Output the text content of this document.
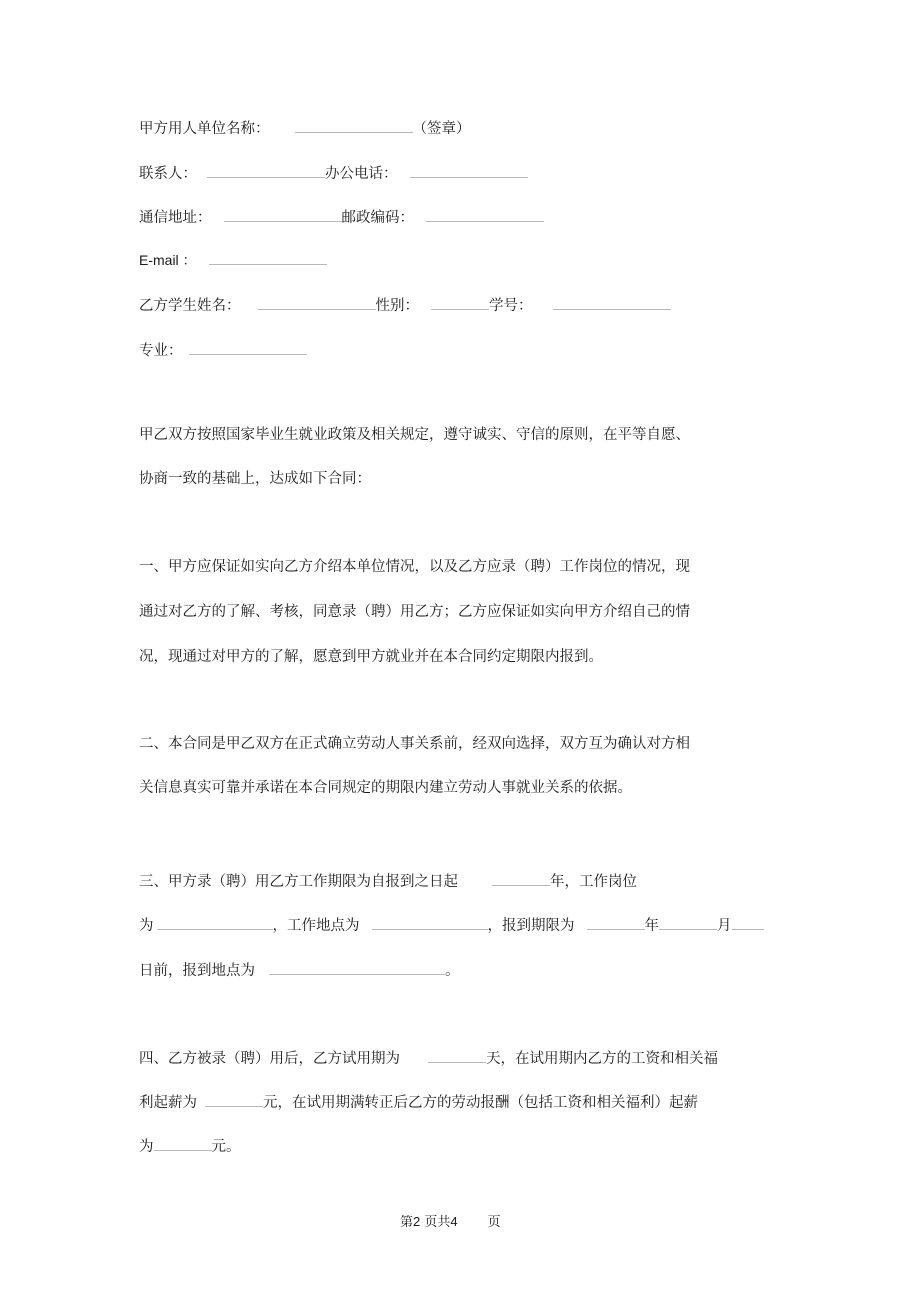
甲方用人单位名称：	（签章）
联系人：	办公电话：
通信地址：	邮政编码：
E-mail ：
乙方学生姓名：	性别：	学号：
专业：
甲乙双方按照国家毕业生就业政策及相关规定，遵守诚实、守信的原则，在平等自愿、
协商一致的基础上，达成如下合同：
一、甲方应保证如实向乙方介绍本单位情况，以及乙方应录（聘）工作岗位的情况，现
通过对乙方的了解、考核，同意录（聘）用乙方；乙方应保证如实向甲方介绍自己的情
况，现通过对甲方的了解，愿意到甲方就业并在本合同约定期限内报到。
二、本合同是甲乙双方在正式确立劳动人事关系前，经双向选择，双方互为确认对方相
关信息真实可靠并承诺在本合同规定的期限内建立劳动人事就业关系的依据。
三、甲方录（聘）用乙方工作期限为自报到之日起	年，工作岗位
为	，工作地点为	，报到期限为	年	月
日前，报到地点为	。
四、乙方被录（聘）用后，乙方试用期为	天，在试用期内乙方的工资和相关福
利起薪为	元，在试用期满转正后乙方的劳动报酬（包括工资和相关福利）起薪
为	元。
第2 页共4 页
